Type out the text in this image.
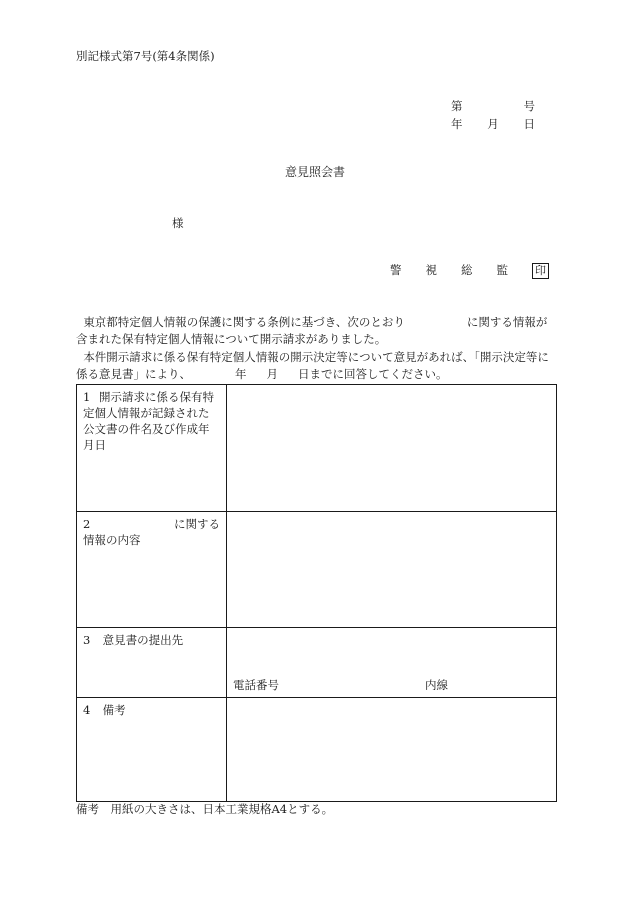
別記様式第7号(第4条関係)
第	号
年 月 日
意見照会書
様
警 視 総 監 印
東京都特定個人情報の保護に関する条例に基づき、次のとおり	に関する情報が含まれた保有特定個人情報について開示請求がありました。
本件開示請求に係る保有特定個人情報の開示決定等について意見があれば、「開示決定等に係る意見書」により、	年 月 日までに回答してください。
1 開示請求に係る保有特定個人情報が記録された公文書の件名及び作成年月日	

2 に関する
情報の内容	
3 意見書の提出先	電話番号 内線

4 備考	
備考　用紙の大きさは、日本工業規格A4とする。
